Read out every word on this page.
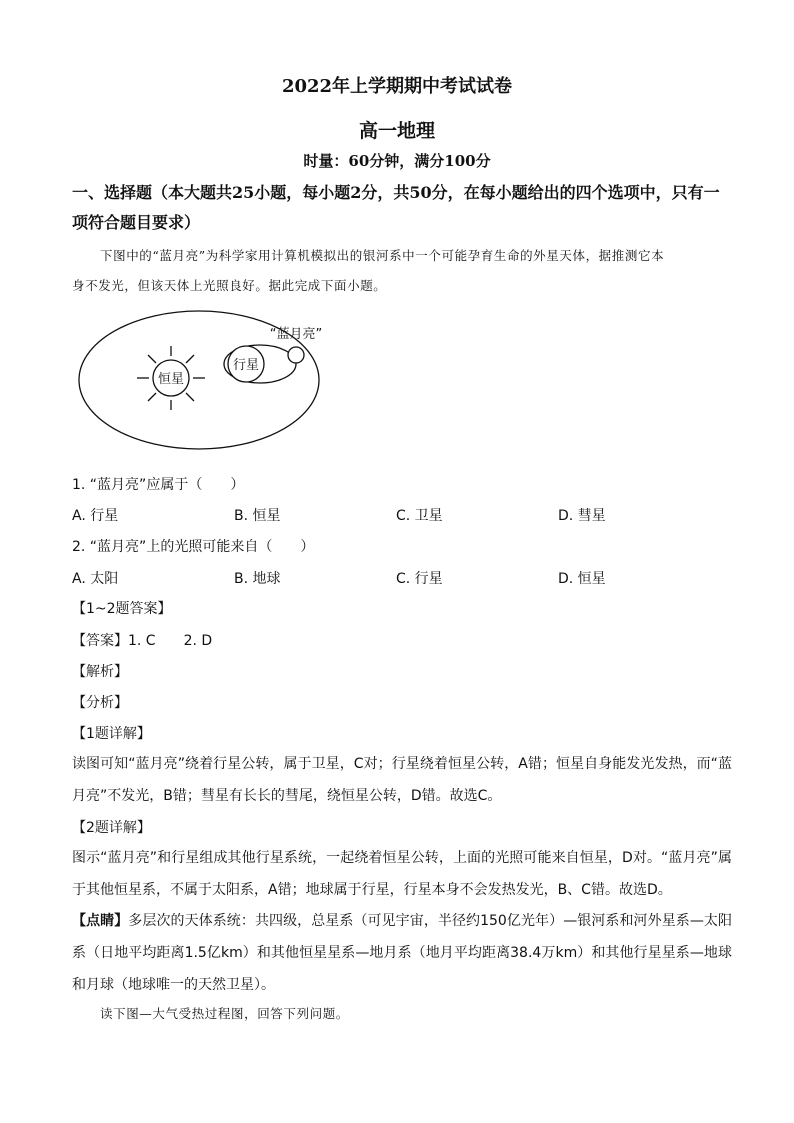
2022年上学期期中考试试卷
高一地理
时量：60分钟，满分100分
一、选择题（本大题共25小题，每小题2分，共50分，在每小题给出的四个选项中，只有一项符合题目要求）
下图中的“蓝月亮”为科学家用计算机模拟出的银河系中一个可能孕育生命的外星天体，据推测它本
身不发光，但该天体上光照良好。据此完成下面小题。
恒星
行星
“蓝月亮”
1. “蓝月亮”应属于（　　）
A. 行星	B. 恒星	C. 卫星	D. 彗星
2. “蓝月亮”上的光照可能来自（　　）
A. 太阳	B. 地球	C. 行星	D. 恒星
【1~2题答案】
【答案】1. C　　2. D
【解析】
【分析】
【1题详解】
读图可知“蓝月亮”绕着行星公转，属于卫星，C对；行星绕着恒星公转，A错；恒星自身能发光发热，而“蓝月亮”不发光，B错；彗星有长长的彗尾，绕恒星公转，D错。故选C。
【2题详解】
图示“蓝月亮”和行星组成其他行星系统，一起绕着恒星公转，上面的光照可能来自恒星，D对。“蓝月亮”属于其他恒星系，不属于太阳系，A错；地球属于行星，行星本身不会发热发光，B、C错。故选D。
【点睛】多层次的天体系统：共四级，总星系（可见宇宙，半径约150亿光年）—银河系和河外星系—太阳系（日地平均距离1.5亿km）和其他恒星星系—地月系（地月平均距离38.4万km）和其他行星星系—地球和月球（地球唯一的天然卫星）。
读下图—大气受热过程图，回答下列问题。
